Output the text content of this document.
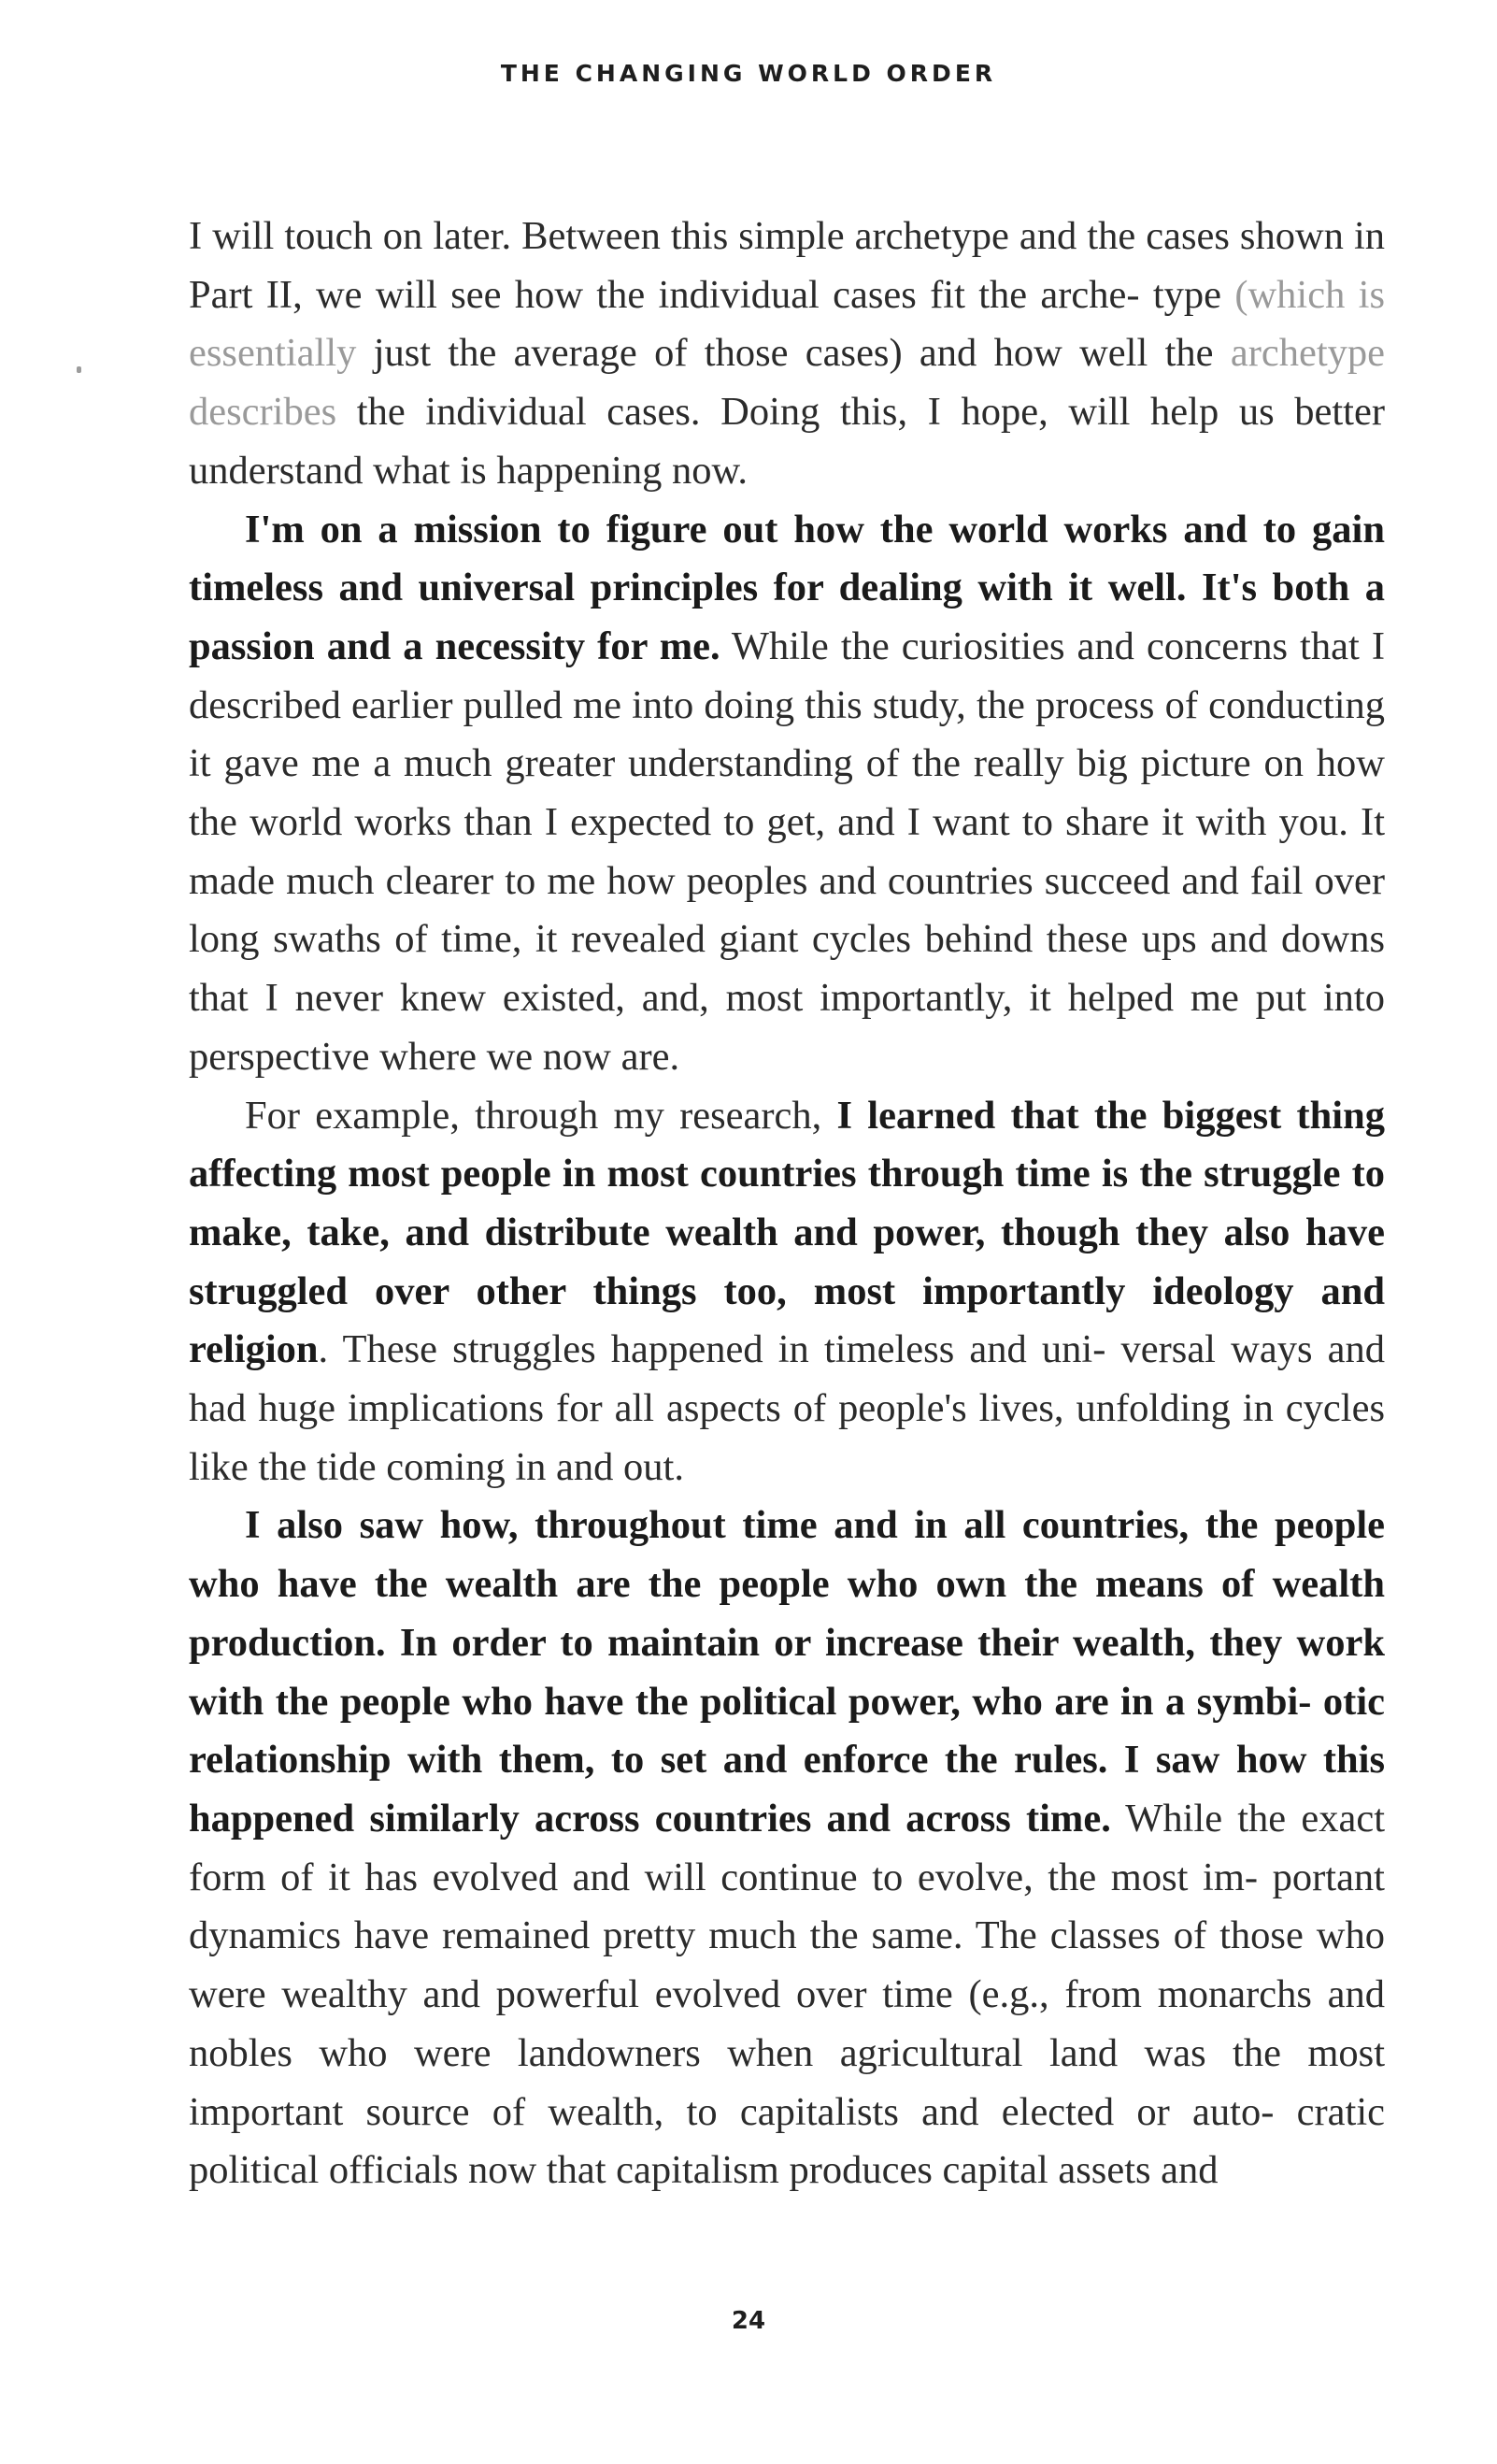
THE CHANGING WORLD ORDER

I will touch on later. Between this simple archetype and the cases shown in Part II, we will see how the individual cases fit the arche- type (which is essentially just the average of those cases) and how well the archetype describes the individual cases. Doing this, I hope, will help us better understand what is happening now.

I'm on a mission to figure out how the world works and to gain timeless and universal principles for dealing with it well. It's both a passion and a necessity for me. While the curiosities and concerns that I described earlier pulled me into doing this study, the process of conducting it gave me a much greater understanding of the really big picture on how the world works than I expected to get, and I want to share it with you. It made much clearer to me how peoples and countries succeed and fail over long swaths of time, it revealed giant cycles behind these ups and downs that I never knew existed, and, most importantly, it helped me put into perspective where we now are.

For example, through my research, I learned that the biggest thing affecting most people in most countries through time is the struggle to make, take, and distribute wealth and power, though they also have struggled over other things too, most importantly ideology and religion. These struggles happened in timeless and uni- versal ways and had huge implications for all aspects of people's lives, unfolding in cycles like the tide coming in and out.

I also saw how, throughout time and in all countries, the people who have the wealth are the people who own the means of wealth production. In order to maintain or increase their wealth, they work with the people who have the political power, who are in a symbi- otic relationship with them, to set and enforce the rules. I saw how this happened similarly across countries and across time. While the exact form of it has evolved and will continue to evolve, the most im- portant dynamics have remained pretty much the same. The classes of those who were wealthy and powerful evolved over time (e.g., from monarchs and nobles who were landowners when agricultural land was the most important source of wealth, to capitalists and elected or auto- cratic political officials now that capitalism produces capital assets and

24
